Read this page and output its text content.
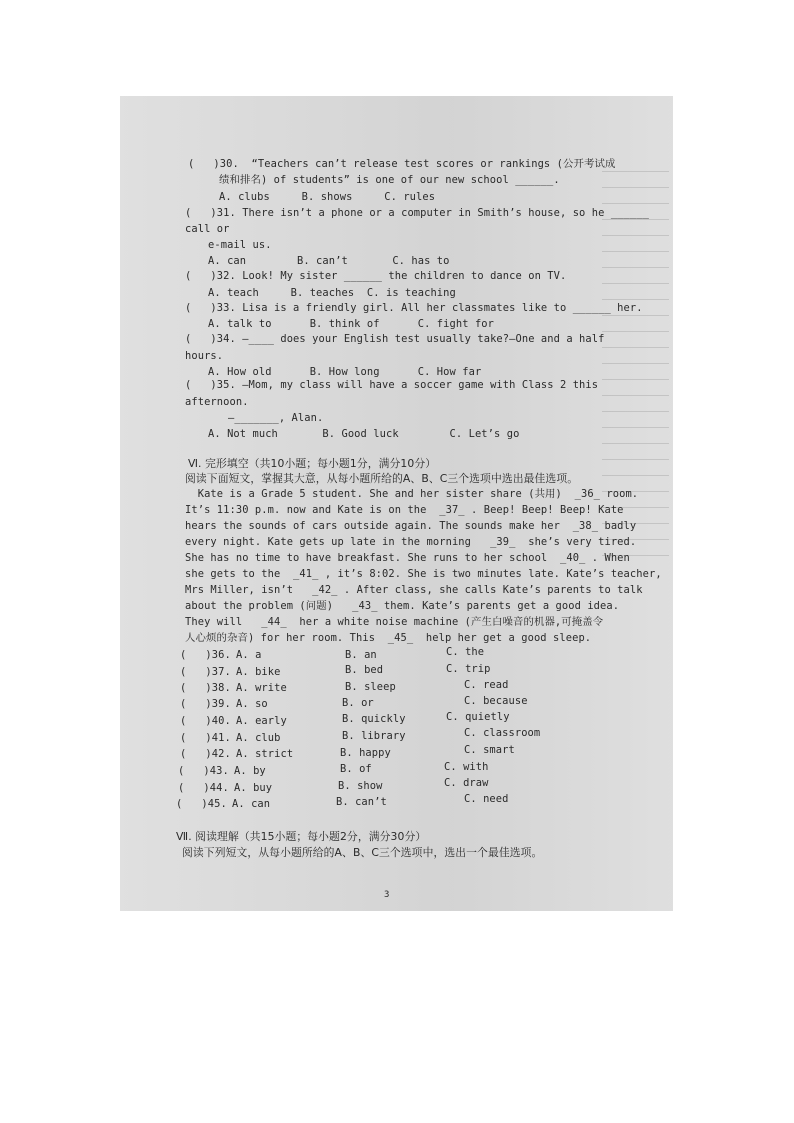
(   )30.  “Teachers can’t release test scores or rankings (公开考试成
绩和排名) of students” is one of our new school ______.
A. clubs     B. shows     C. rules
(   )31. There isn’t a phone or a computer in Smith’s house, so he ______
call or
e-mail us.
A. can        B. can’t       C. has to
(   )32. Look! My sister ______ the children to dance on TV.
A. teach     B. teaches  C. is teaching
(   )33. Lisa is a friendly girl. All her classmates like to ______ her.
A. talk to      B. think of      C. fight for
(   )34. —____ does your English test usually take?—One and a half
hours.
A. How old      B. How long      C. How far
(   )35. —Mom, my class will have a soccer game with Class 2 this
afternoon.
—_______, Alan.
A. Not much       B. Good luck        C. Let’s go
Ⅵ. 完形填空（共10小题；每小题1分，满分10分）
阅读下面短文，掌握其大意，从每小题所给的A、B、C三个选项中选出最佳选项。
Kate is a Grade 5 student. She and her sister share (共用)  _36_ room.
It’s 11:30 p.m. now and Kate is on the  _37_ . Beep! Beep! Beep! Kate
hears the sounds of cars outside again. The sounds make her  _38_ badly
every night. Kate gets up late in the morning   _39_  she’s very tired.
She has no time to have breakfast. She runs to her school  _40_ . When
she gets to the  _41_ , it’s 8:02. She is two minutes late. Kate’s teacher,
Mrs Miller, isn’t   _42_ . After class, she calls Kate’s parents to talk
about the problem (问题)   _43_ them. Kate’s parents get a good idea.
They will   _44_  her a white noise machine (产生白噪音的机器,可掩盖令
人心烦的杂音) for her room. This  _45_  help her get a good sleep.
(   )36. A. a	B. an	C. the
(   )37. A. bike	B. bed	C. trip
(   )38. A. write	B. sleep	C. read
(   )39. A. so	B. or	C. because
(   )40. A. early	B. quickly	C. quietly
(   )41. A. club	B. library	C. classroom
(   )42. A. strict	B. happy	C. smart
(   )43. A. by	B. of	C. with
(   )44. A. buy	B. show	C. draw
(   )45. A. can	B. can’t	C. need
Ⅶ. 阅读理解（共15小题；每小题2分，满分30分）
阅读下列短文，从每小题所给的A、B、C三个选项中，选出一个最佳选项。
3
